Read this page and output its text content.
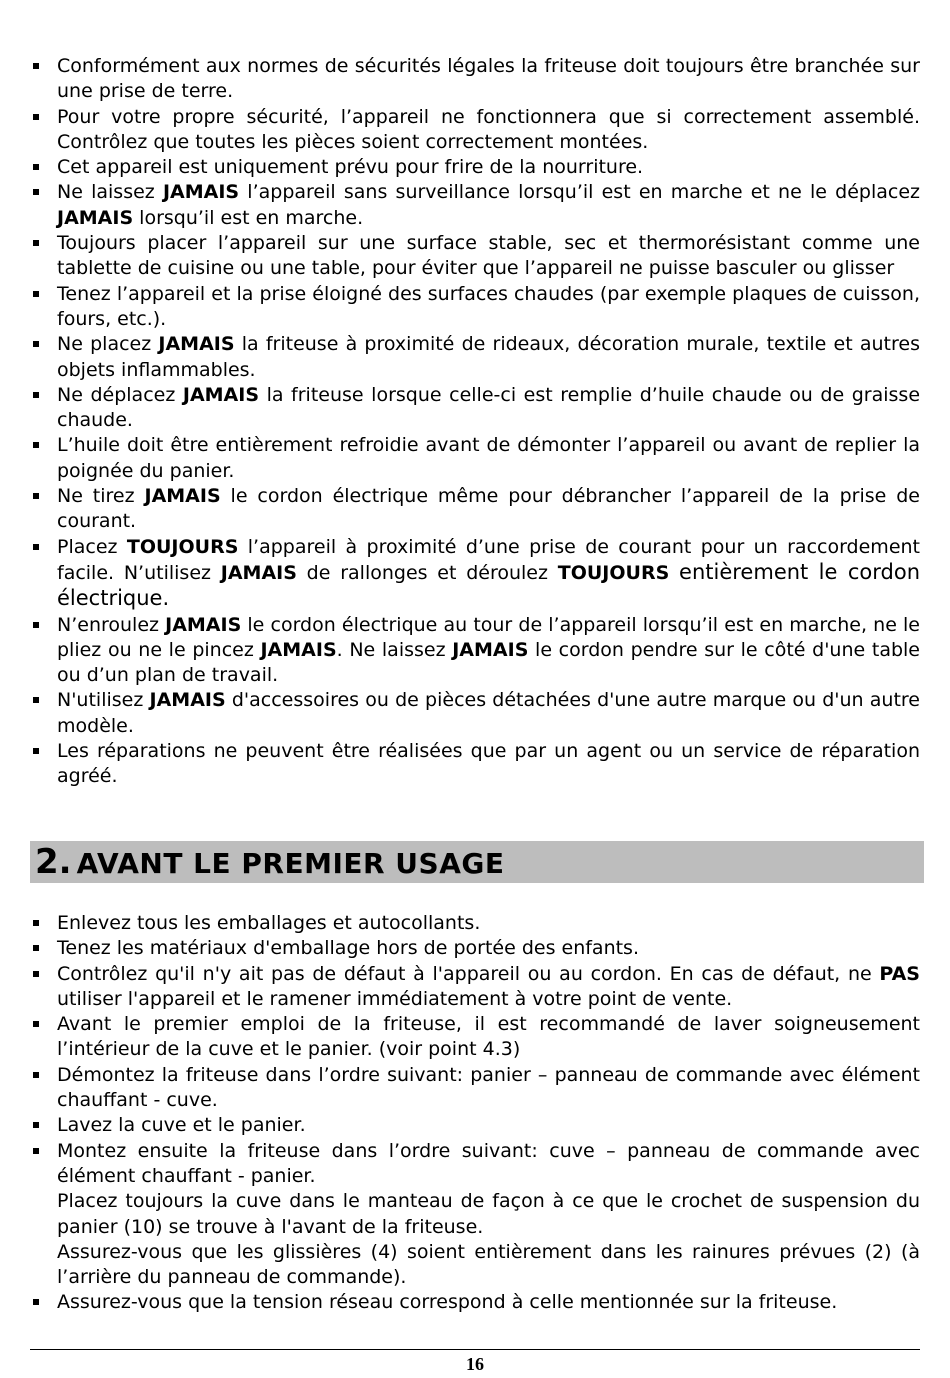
Conformément aux normes de sécurités légales la friteuse doit toujours être branchée sur une prise de terre.
Pour votre propre sécurité, l’appareil ne fonctionnera que si correctement assemblé. Contrôlez que toutes les pièces soient correctement montées.
Cet appareil est uniquement prévu pour frire de la nourriture.
Ne laissez JAMAIS l’appareil sans surveillance lorsqu’il est en marche et ne le déplacez JAMAIS lorsqu’il est en marche.
Toujours placer l’appareil sur une surface stable, sec et thermorésistant comme une tablette de cuisine ou une table, pour éviter que l’appareil ne puisse basculer ou glisser
Tenez l’appareil et la prise éloigné des surfaces chaudes (par exemple plaques de cuisson, fours, etc.).
Ne placez JAMAIS la friteuse à proximité de rideaux, décoration murale, textile et autres objets inflammables.
Ne déplacez JAMAIS la friteuse lorsque celle-ci est remplie d’huile chaude ou de graisse chaude.
L’huile doit être entièrement refroidie avant de démonter l’appareil ou avant de replier la poignée du panier.
Ne tirez JAMAIS le cordon électrique même pour débrancher l’appareil de la prise de courant.
Placez TOUJOURS l’appareil à proximité d’une prise de courant pour un raccordement facile. N’utilisez JAMAIS de rallonges et déroulez TOUJOURS entièrement le cordon électrique.
N’enroulez JAMAIS le cordon électrique au tour de l’appareil lorsqu’il est en marche, ne le pliez ou ne le pincez JAMAIS. Ne laissez JAMAIS le cordon pendre sur le côté d'une table ou d’un plan de travail.
N'utilisez JAMAIS d'accessoires ou de pièces détachées d'une autre marque ou d'un autre modèle.
Les réparations ne peuvent être réalisées que par un agent ou un service de réparation agréé.
2. AVANT LE PREMIER USAGE
Enlevez tous les emballages et autocollants.
Tenez les matériaux d'emballage hors de portée des enfants.
Contrôlez qu'il n'y ait pas de défaut à l'appareil ou au cordon. En cas de défaut, ne PAS utiliser l'appareil et le ramener immédiatement à votre point de vente.
Avant le premier emploi de la friteuse, il est recommandé de laver soigneusement l’intérieur de la cuve et le panier. (voir point 4.3)
Démontez la friteuse dans l’ordre suivant: panier – panneau de commande avec élément chauffant - cuve.
Lavez la cuve et le panier.
Montez ensuite la friteuse dans l’ordre suivant: cuve – panneau de commande avec élément chauffant - panier.
Placez toujours la cuve dans le manteau de façon à ce que le crochet de suspension du panier (10) se trouve à l'avant de la friteuse.
Assurez-vous que les glissières (4) soient entièrement dans les rainures prévues (2) (à l’arrière du panneau de commande).
Assurez-vous que la tension réseau correspond à celle mentionnée sur la friteuse.
16
